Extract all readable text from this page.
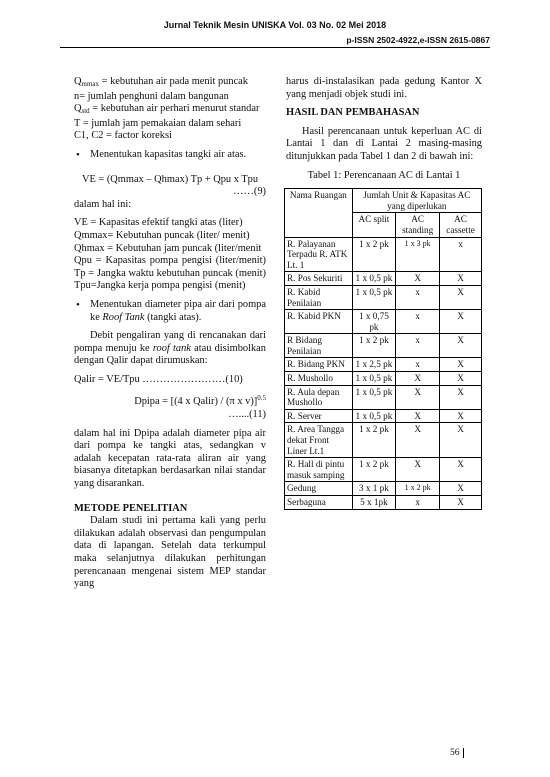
Jurnal Teknik Mesin UNISKA Vol. 03 No. 02 Mei 2018
p-ISSN 2502-4922,e-ISSN 2615-0867

$Q_{mmax}$ = kebutuhan air pada menit puncak

n= jumlah penghuni dalam bangunan

$Q_{std}$ = kebutuhan air perhari menurut standar

T = jumlah jam pemakaian dalam sehari

C1, C2 = factor koreksi

• Menentukan kapasitas tangki air atas.

VE = (Qmmax – Qhmax) Tp + Qpu x Tpu

……(9)

dalam hal ini:

VE = Kapasitas efektif tangki atas (liter)

Qmmax= Kebutuhan puncak (liter/ menit)

Qhmax = Kebutuhan jam puncak (liter/menit

Qpu = Kapasitas pompa pengisi (liter/menit) Tp = Jangka waktu kebutuhan puncak (menit) Tpu=Jangka kerja pompa pengisi (menit)

• Menentukan diameter pipa air dari pompa ke Roof Tank (tangki atas).

Debit pengaliran yang di rencanakan dari pompa menuju ke roof tank atau disimbolkan dengan Qalir dapat dirumuskan:

Qalir = VE/Tpu ……………………(10)

Dpipa = [(4 x Qalir) / (π x v)]$^{0.5}$

…....(11)

dalam hal ini Dpipa adalah diameter pipa air dari pompa ke tangki atas, sedangkan v adalah kecepatan rata-rata aliran air yang biasanya ditetapkan berdasarkan nilai standar yang disarankan.

METODE PENELITIAN

Dalam studi ini pertama kali yang perlu dilakukan adalah observasi dan pengumpulan data di lapangan. Setelah data terkumpul maka selanjutnya dilakukan perhitungan perencanaan mengenai sistem MEP standar yang

harus di-instalasikan pada gedung Kantor X yang menjadi objek studi ini.

HASIL DAN PEMBAHASAN

Hasil perencanaan untuk keperluan AC di Lantai 1 dan di Lantai 2 masing-masing ditunjukkan pada Tabel 1 dan 2 di bawah ini:

Tabel 1: Perencanaan AC di Lantai 1

Nama Ruangan	Jumlah Unit & Kapasitas AC yang diperlukan		
	AC split	AC standing	AC cassette
R. Palayanan Terpadu R. ATK Lt. 1	1 x 2 pk	1 x 3 pk	x
R. Pos Sekuriti	1 x 0,5 pk	X	X
R. Kabid Penilaian	1 x 0,5 pk	x	X
R. Kabid PKN	1 x 0,75 pk	x	X
R Bidang Penilaian	1 x 2 pk	x	X
R. Bidang PKN	1 x 2,5 pk	x	X
R. Mushollo	1 x 0,5 pk	X	X
R. Aula depan Mushollo	1 x 0,5 pk	X	X
R. Server	1 x 0,5 pk	X	X
R. Area Tangga dekat Front Liner Lt.1	1 x 2 pk	X	X
R. Hall di pintu masuk samping	1 x 2 pk	X	X
Gedung	3 x 1 pk	1 x 2 pk	X
Serbaguna	5 x 1pk	x	X
56
